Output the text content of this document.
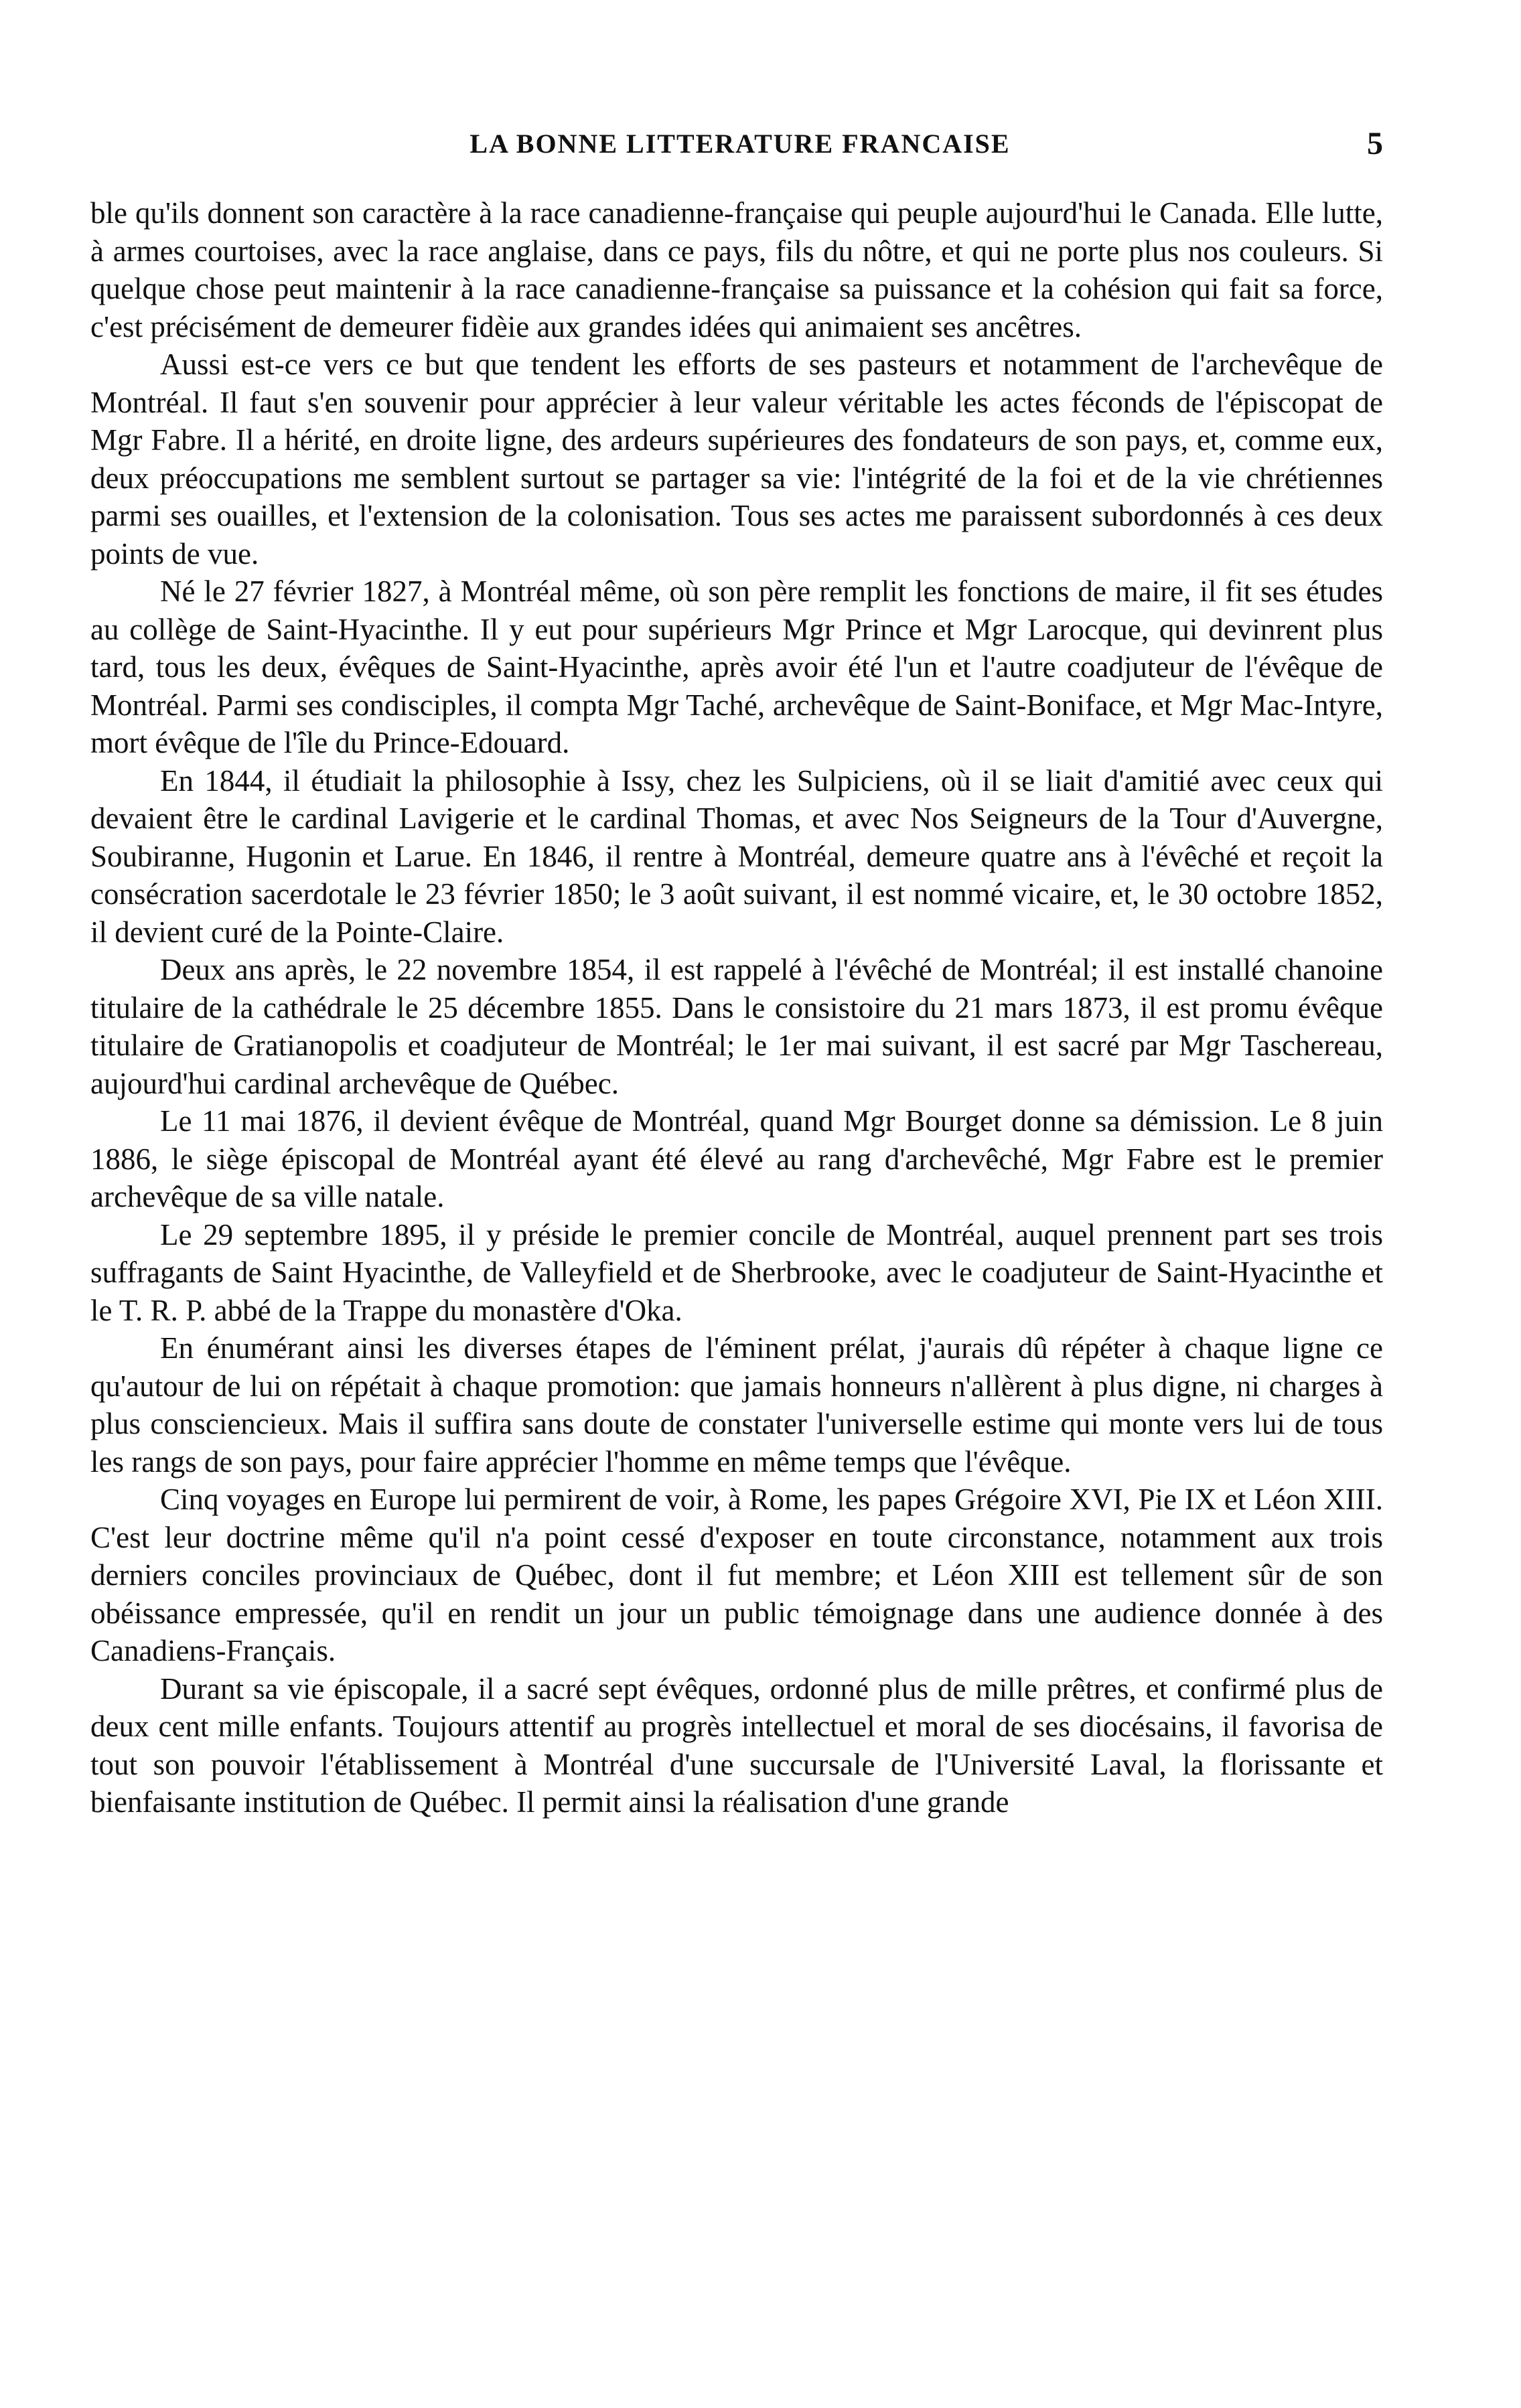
LA BONNE LITTERATURE FRANCAISE	5

ble qu'ils donnent son caractère à la race canadienne-française qui peuple aujourd'hui le Canada. Elle lutte, à armes courtoises, avec la race anglaise, dans ce pays, fils du nôtre, et qui ne porte plus nos couleurs. Si quelque chose peut maintenir à la race canadienne-française sa puissance et la cohésion qui fait sa force, c'est précisément de demeurer fidèie aux grandes idées qui animaient ses ancêtres.

Aussi est-ce vers ce but que tendent les efforts de ses pasteurs et notamment de l'archevêque de Montréal. Il faut s'en souvenir pour apprécier à leur valeur véritable les actes féconds de l'épiscopat de Mgr Fabre. Il a hérité, en droite ligne, des ardeurs supérieures des fondateurs de son pays, et, comme eux, deux préoccupations me semblent surtout se partager sa vie: l'intégrité de la foi et de la vie chrétiennes parmi ses ouailles, et l'extension de la colonisation. Tous ses actes me paraissent subordonnés à ces deux points de vue.

Né le 27 février 1827, à Montréal même, où son père remplit les fonctions de maire, il fit ses études au collège de Saint-Hyacinthe. Il y eut pour supérieurs Mgr Prince et Mgr Larocque, qui devinrent plus tard, tous les deux, évêques de Saint-Hyacinthe, après avoir été l'un et l'autre coadjuteur de l'évêque de Montréal. Parmi ses condisciples, il compta Mgr Taché, archevêque de Saint-Boniface, et Mgr Mac-Intyre, mort évêque de l'île du Prince-Edouard.

En 1844, il étudiait la philosophie à Issy, chez les Sulpiciens, où il se liait d'amitié avec ceux qui devaient être le cardinal Lavigerie et le cardinal Thomas, et avec Nos Seigneurs de la Tour d'Auvergne, Soubiranne, Hugonin et Larue. En 1846, il rentre à Montréal, demeure quatre ans à l'évêché et reçoit la consécration sacerdotale le 23 février 1850; le 3 août suivant, il est nommé vicaire, et, le 30 octobre 1852, il devient curé de la Pointe-Claire.

Deux ans après, le 22 novembre 1854, il est rappelé à l'évêché de Montréal; il est installé chanoine titulaire de la cathédrale le 25 décembre 1855. Dans le consistoire du 21 mars 1873, il est promu évêque titulaire de Gratianopolis et coadjuteur de Montréal; le 1er mai suivant, il est sacré par Mgr Taschereau, aujourd'hui cardinal archevêque de Québec.

Le 11 mai 1876, il devient évêque de Montréal, quand Mgr Bourget donne sa démission. Le 8 juin 1886, le siège épiscopal de Montréal ayant été élevé au rang d'archevêché, Mgr Fabre est le premier archevêque de sa ville natale.

Le 29 septembre 1895, il y préside le premier concile de Montréal, auquel prennent part ses trois suffragants de Saint Hyacinthe, de Valleyfield et de Sherbrooke, avec le coadjuteur de Saint-Hyacinthe et le T. R. P. abbé de la Trappe du monastère d'Oka.

En énumérant ainsi les diverses étapes de l'éminent prélat, j'aurais dû répéter à chaque ligne ce qu'autour de lui on répétait à chaque promotion: que jamais honneurs n'allèrent à plus digne, ni charges à plus consciencieux. Mais il suffira sans doute de constater l'universelle estime qui monte vers lui de tous les rangs de son pays, pour faire apprécier l'homme en même temps que l'évêque.

Cinq voyages en Europe lui permirent de voir, à Rome, les papes Grégoire XVI, Pie IX et Léon XIII. C'est leur doctrine même qu'il n'a point cessé d'exposer en toute circonstance, notamment aux trois derniers conciles provinciaux de Québec, dont il fut membre; et Léon XIII est tellement sûr de son obéissance empressée, qu'il en rendit un jour un public témoignage dans une audience donnée à des Canadiens-Français.

Durant sa vie épiscopale, il a sacré sept évêques, ordonné plus de mille prêtres, et confirmé plus de deux cent mille enfants. Toujours attentif au progrès intellectuel et moral de ses diocésains, il favorisa de tout son pouvoir l'établissement à Montréal d'une succursale de l'Université Laval, la florissante et bienfaisante institution de Québec. Il permit ainsi la réalisation d'une grande
